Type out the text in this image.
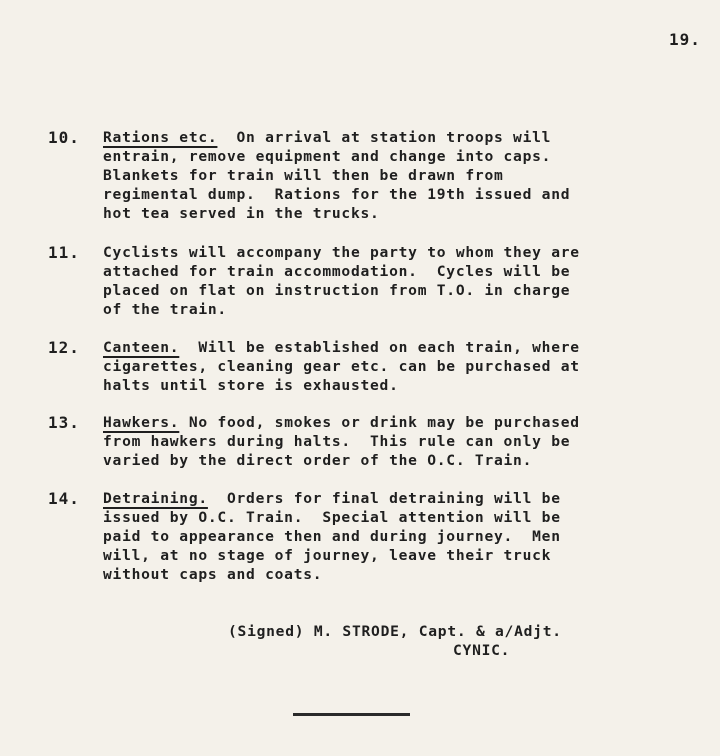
19.
10. Rations etc.  On arrival at station troops will
entrain, remove equipment and change into caps.
Blankets for train will then be drawn from
regimental dump.  Rations for the 19th issued and
hot tea served in the trucks.
11. Cyclists will accompany the party to whom they are
attached for train accommodation.  Cycles will be
placed on flat on instruction from T.O. in charge
of the train.
12. Canteen.  Will be established on each train, where
cigarettes, cleaning gear etc. can be purchased at
halts until store is exhausted.
13. Hawkers. No food, smokes or drink may be purchased
from hawkers during halts.  This rule can only be
varied by the direct order of the O.C. Train.
14. Detraining.  Orders for final detraining will be
issued by O.C. Train.  Special attention will be
paid to appearance then and during journey.  Men
will, at no stage of journey, leave their truck
without caps and coats.
(Signed) M. STRODE, Capt. & a/Adjt.
CYNIC.
